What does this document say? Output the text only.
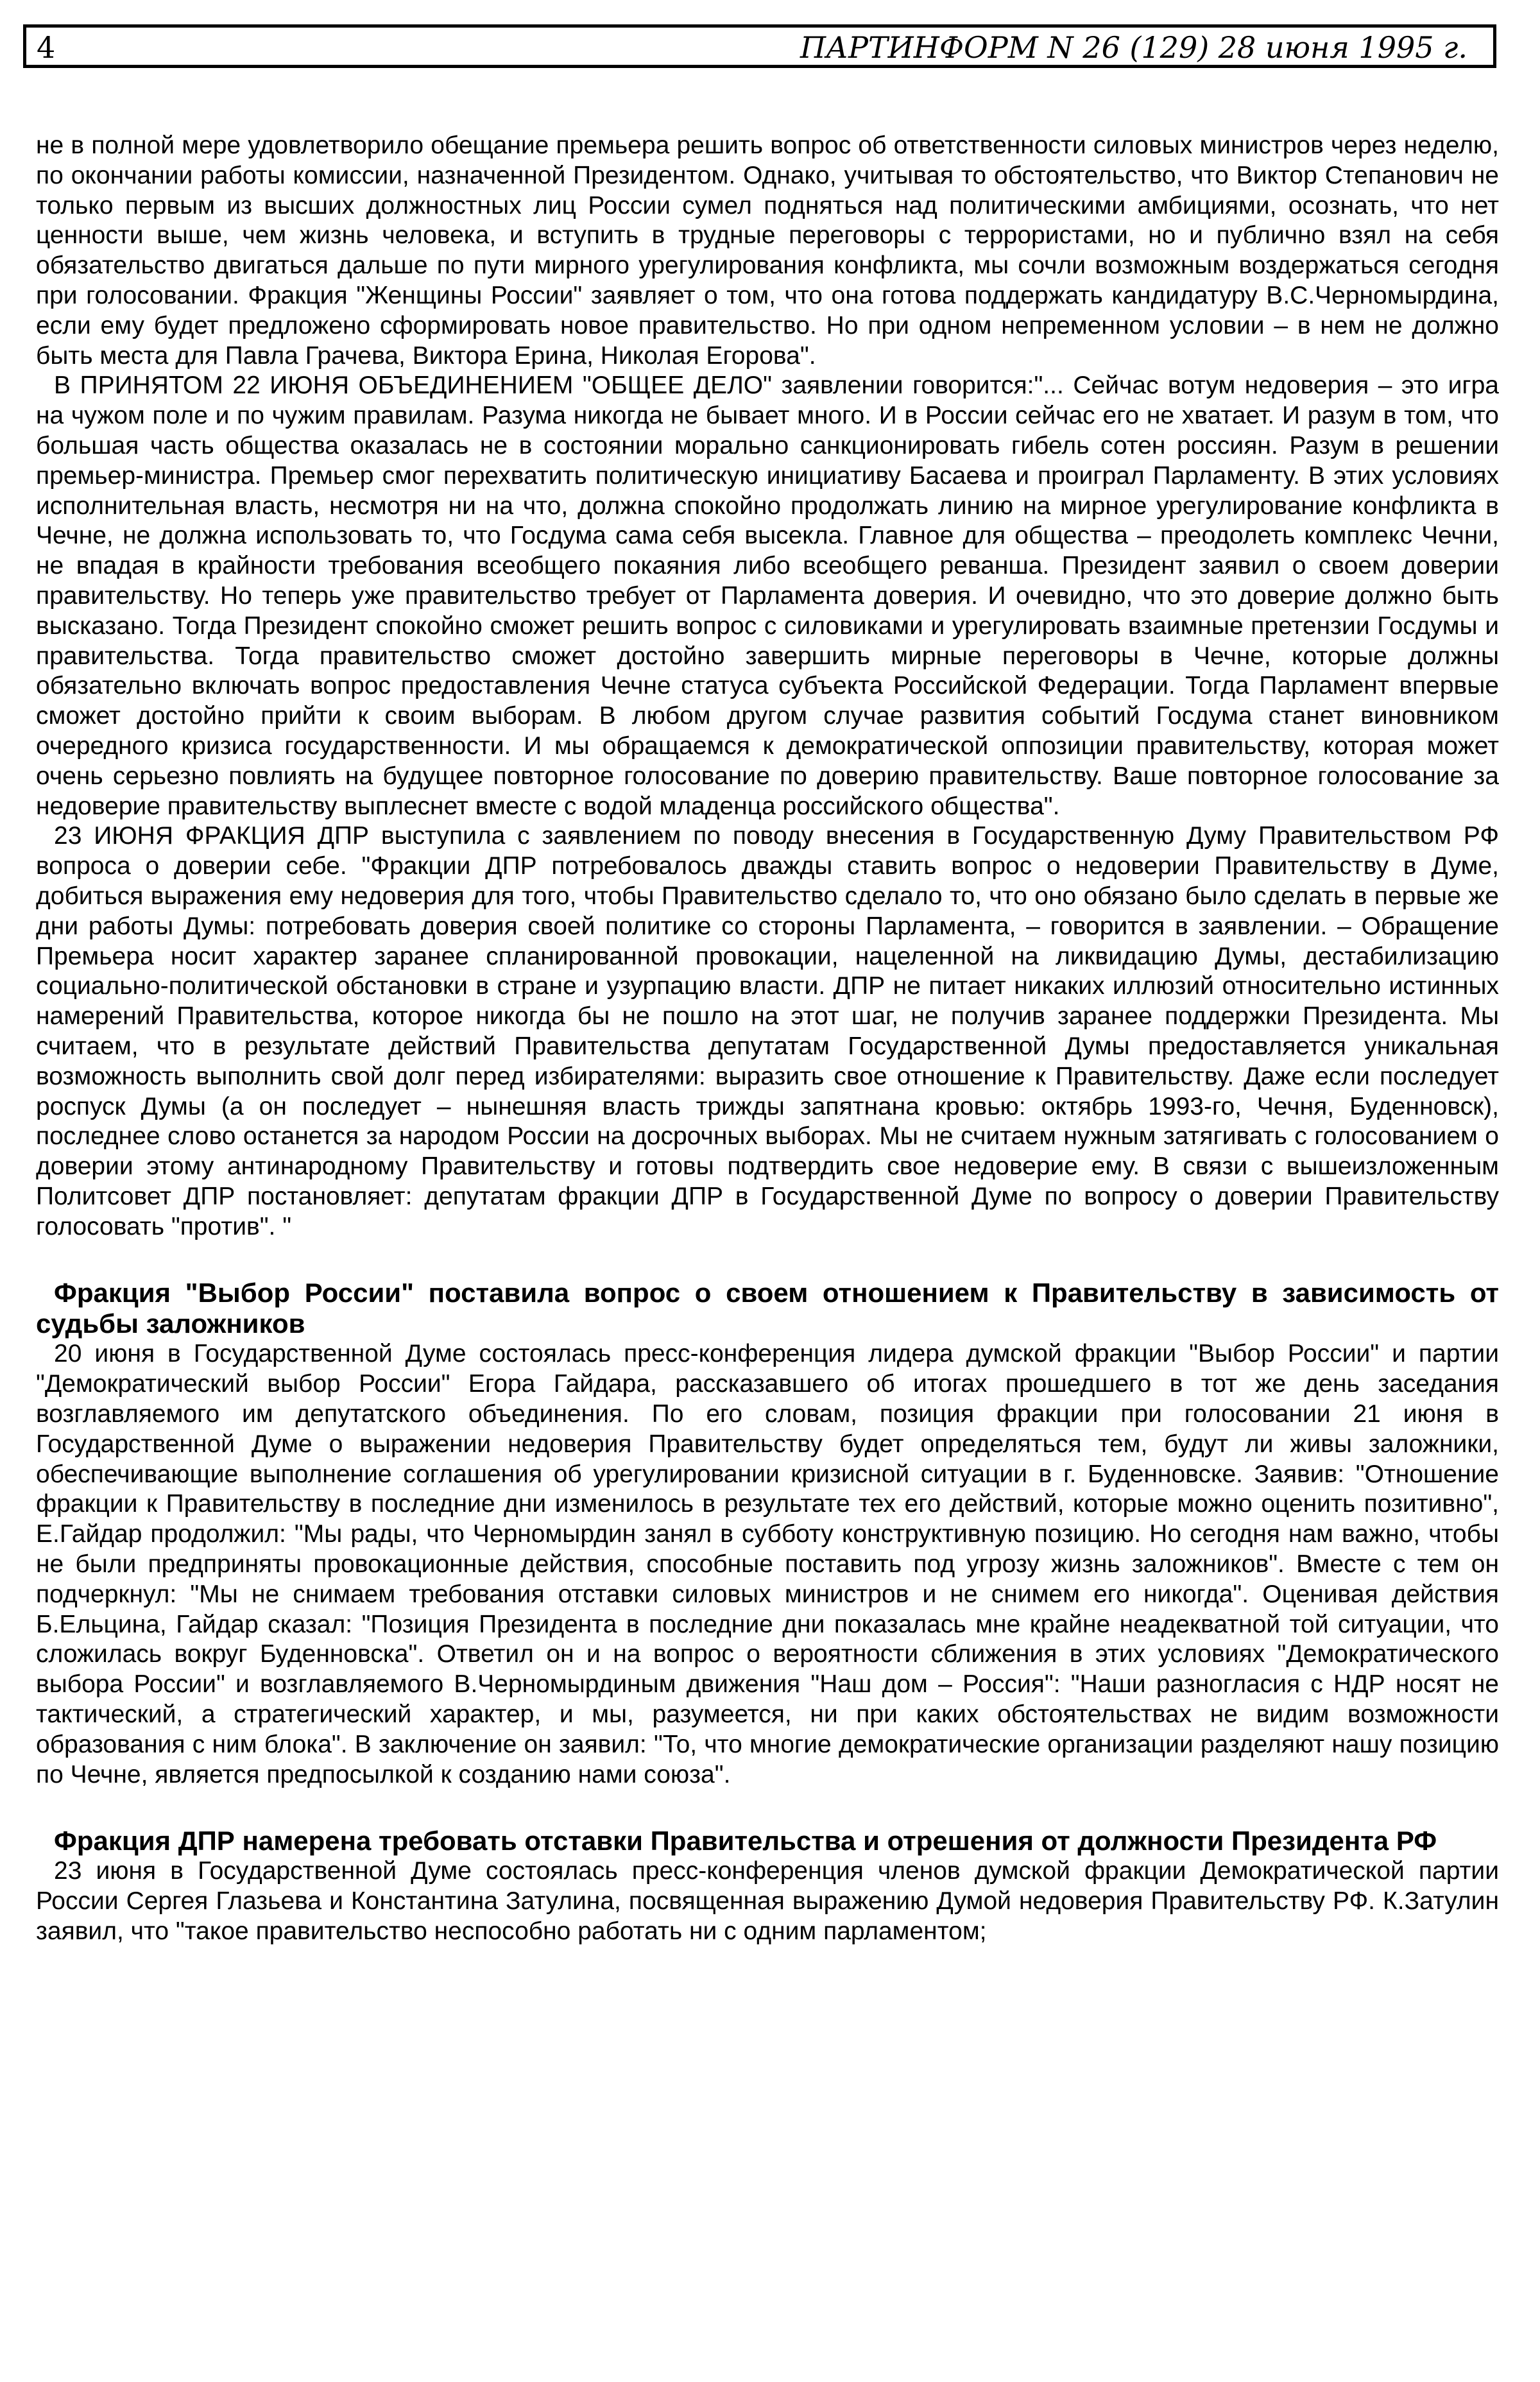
4	ПАРТИНФОРМ N 26 (129) 28 июня 1995 г.

не в полной мере удовлетворило обещание премьера решить вопрос об ответственности силовых министров через неделю, по окончании работы комиссии, назначенной Президентом. Однако, учитывая то обстоятельство, что Виктор Степанович не только первым из высших должностных лиц России сумел подняться над политическими амбициями, осознать, что нет ценности выше, чем жизнь человека, и вступить в трудные переговоры с террористами, но и публично взял на себя обязательство двигаться дальше по пути мирного урегулирования конфликта, мы сочли возможным воздержаться сегодня при голосовании. Фракция "Женщины России" заявляет о том, что она готова поддержать кандидатуру В.С.Черномырдина, если ему будет предложено сформировать новое правительство. Но при одном непременном условии – в нем не должно быть места для Павла Грачева, Виктора Ерина, Николая Егорова".

В ПРИНЯТОМ 22 ИЮНЯ ОБЪЕДИНЕНИЕМ "ОБЩЕЕ ДЕЛО" заявлении говорится:"... Сейчас вотум недоверия – это игра на чужом поле и по чужим правилам. Разума никогда не бывает много. И в России сейчас его не хватает. И разум в том, что большая часть общества оказалась не в состоянии морально санкционировать гибель сотен россиян. Разум в решении премьер-министра. Премьер смог перехватить политическую инициативу Басаева и проиграл Парламенту. В этих условиях исполнительная власть, несмотря ни на что, должна спокойно продолжать линию на мирное урегулирование конфликта в Чечне, не должна использовать то, что Госдума сама себя высекла. Главное для общества – преодолеть комплекс Чечни, не впадая в крайности требования всеобщего покаяния либо всеобщего реванша. Президент заявил о своем доверии правительству. Но теперь уже правительство требует от Парламента доверия. И очевидно, что это доверие должно быть высказано. Тогда Президент спокойно сможет решить вопрос с силовиками и урегулировать взаимные претензии Госдумы и правительства. Тогда правительство сможет достойно завершить мирные переговоры в Чечне, которые должны обязательно включать вопрос предоставления Чечне статуса субъекта Российской Федерации. Тогда Парламент впервые сможет достойно прийти к своим выборам. В любом другом случае развития событий Госдума станет виновником очередного кризиса государственности. И мы обращаемся к демократической оппозиции правительству, которая может очень серьезно повлиять на будущее повторное голосование по доверию правительству. Ваше повторное голосование за недоверие правительству выплеснет вместе с водой младенца российского общества".

23 ИЮНЯ ФРАКЦИЯ ДПР выступила с заявлением по поводу внесения в Государственную Думу Правительством РФ вопроса о доверии себе. "Фракции ДПР потребовалось дважды ставить вопрос о недоверии Правительству в Думе, добиться выражения ему недоверия для того, чтобы Правительство сделало то, что оно обязано было сделать в первые же дни работы Думы: потребовать доверия своей политике со стороны Парламента, – говорится в заявлении. – Обращение Премьера носит характер заранее спланированной провокации, нацеленной на ликвидацию Думы, дестабилизацию социально-политической обстановки в стране и узурпацию власти. ДПР не питает никаких иллюзий относительно истинных намерений Правительства, которое никогда бы не пошло на этот шаг, не получив заранее поддержки Президента. Мы считаем, что в результате действий Правительства депутатам Государственной Думы предоставляется уникальная возможность выполнить свой долг перед избирателями: выразить свое отношение к Правительству. Даже если последует роспуск Думы (а он последует – нынешняя власть трижды запятнана кровью: октябрь 1993-го, Чечня, Буденновск), последнее слово останется за народом России на досрочных выборах. Мы не считаем нужным затягивать с голосованием о доверии этому антинародному Правительству и готовы подтвердить свое недоверие ему. В связи с вышеизложенным Политсовет ДПР постановляет: депутатам фракции ДПР в Государственной Думе по вопросу о доверии Правительству голосовать "против". "

Фракция "Выбор России" поставила вопрос о своем отношением к Правительству в зависимость от судьбы заложников

20 июня в Государственной Думе состоялась пресс-конференция лидера думской фракции "Выбор России" и партии "Демократический выбор России" Егора Гайдара, рассказавшего об итогах прошедшего в тот же день заседания возглавляемого им депутатского объединения. По его словам, позиция фракции при голосовании 21 июня в Государственной Думе о выражении недоверия Правительству будет определяться тем, будут ли живы заложники, обеспечивающие выполнение соглашения об урегулировании кризисной ситуации в г. Буденновске. Заявив: "Отношение фракции к Правительству в последние дни изменилось в результате тех его действий, которые можно оценить позитивно", Е.Гайдар продолжил: "Мы рады, что Черномырдин занял в субботу конструктивную позицию. Но сегодня нам важно, чтобы не были предприняты провокационные действия, способные поставить под угрозу жизнь заложников". Вместе с тем он подчеркнул: "Мы не снимаем требования отставки силовых министров и не снимем его никогда". Оценивая действия Б.Ельцина, Гайдар сказал: "Позиция Президента в последние дни показалась мне крайне неадекватной той ситуации, что сложилась вокруг Буденновска". Ответил он и на вопрос о вероятности сближения в этих условиях "Демократического выбора России" и возглавляемого В.Черномырдиным движения "Наш дом – Россия": "Наши разногласия с НДР носят не тактический, а стратегический характер, и мы, разумеется, ни при каких обстоятельствах не видим возможности образования с ним блока". В заключение он заявил: "То, что многие демократические организации разделяют нашу позицию по Чечне, является предпосылкой к созданию нами союза".

Фракция ДПР намерена требовать отставки Правительства и отрешения от должности Президента РФ

23 июня в Государственной Думе состоялась пресс-конференция членов думской фракции Демократической партии России Сергея Глазьева и Константина Затулина, посвященная выражению Думой недоверия Правительству РФ. К.Затулин заявил, что "такое правительство неспособно работать ни с одним парламентом;
